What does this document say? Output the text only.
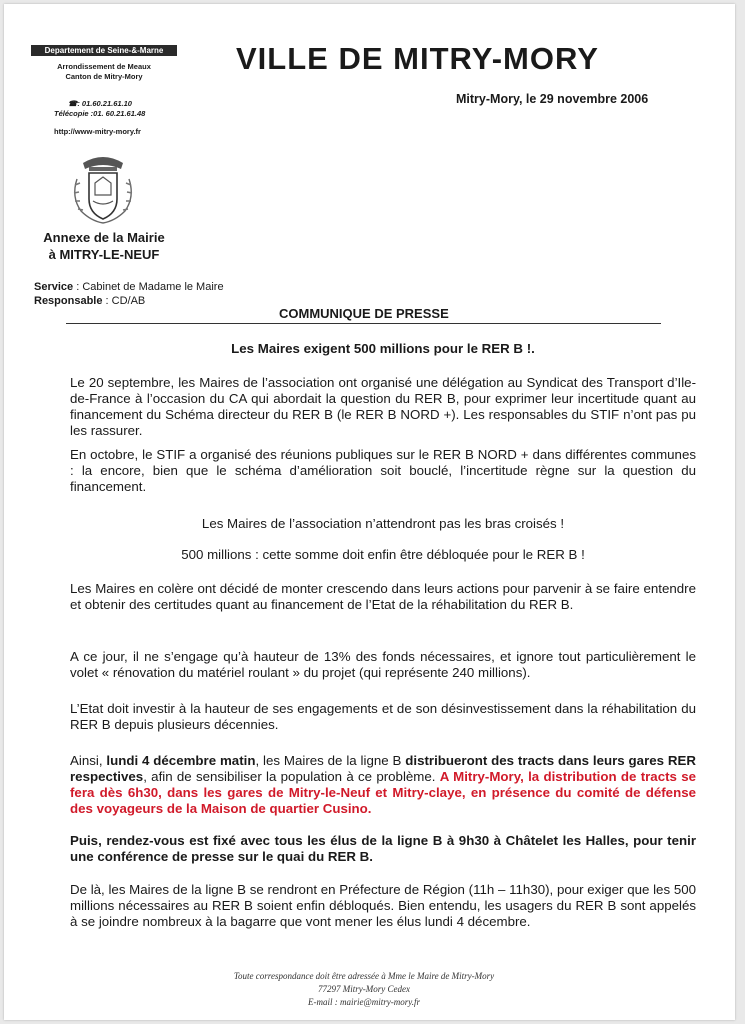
Departement de Seine-&-Marne
Arrondissement de Meaux
Canton de Mitry-Mory
☎: 01.60.21.61.10
Télécopie :01. 60.21.61.48
http://www-mitry-mory.fr
Annexe de la Mairie
à MITRY-LE-NEUF
Service : Cabinet de Madame le Maire
Responsable : CD/AB
VILLE DE MITRY-MORY
Mitry-Mory, le 29 novembre 2006
COMMUNIQUE DE PRESSE
Les Maires exigent 500 millions pour le RER B !.
Le 20 septembre, les Maires de l’association ont organisé une délégation au Syndicat des Transport d’Ile-de-France à l’occasion du CA qui abordait la question du RER B, pour exprimer leur incertitude quant au financement du Schéma directeur du RER B (le RER B NORD +). Les responsables du STIF n’ont pas pu les rassurer.
En octobre, le STIF a organisé des réunions publiques sur le RER B NORD + dans différentes communes : la encore, bien que le schéma d’amélioration soit bouclé, l’incertitude règne sur la question du financement.
Les Maires de l’association n’attendront pas les bras croisés !
500 millions : cette somme doit enfin être débloquée pour le RER B !
Les Maires en colère ont décidé de monter crescendo dans leurs actions pour parvenir à se faire entendre et obtenir des certitudes quant au financement de l’Etat de la réhabilitation du RER B.
A ce jour, il ne s’engage qu’à hauteur de 13% des fonds nécessaires, et ignore tout particulièrement le volet « rénovation du matériel roulant » du projet (qui représente 240 millions).
L’Etat doit investir à la hauteur de ses engagements et de son désinvestissement dans la réhabilitation du RER B depuis plusieurs décennies.
Ainsi, lundi 4 décembre matin, les Maires de la ligne B distribueront des tracts dans leurs gares RER respectives, afin de sensibiliser la population à ce problème. A Mitry-Mory, la distribution de tracts se fera dès 6h30, dans les gares de Mitry-le-Neuf et Mitry-claye, en présence du comité de défense des voyageurs de la Maison de quartier Cusino.
Puis, rendez-vous est fixé avec tous les élus de la ligne B à 9h30 à Châtelet les Halles, pour tenir une conférence de presse sur le quai du RER B.
De là, les Maires de la ligne B se rendront en Préfecture de Région (11h – 11h30), pour exiger que les 500 millions nécessaires au RER B soient enfin débloqués. Bien entendu, les usagers du RER B sont appelés à se joindre nombreux à la bagarre que vont mener les élus lundi 4 décembre.
Toute correspondance doit être adressée à Mme le Maire de Mitry-Mory
77297 Mitry-Mory Cedex
E-mail : mairie@mitry-mory.fr
